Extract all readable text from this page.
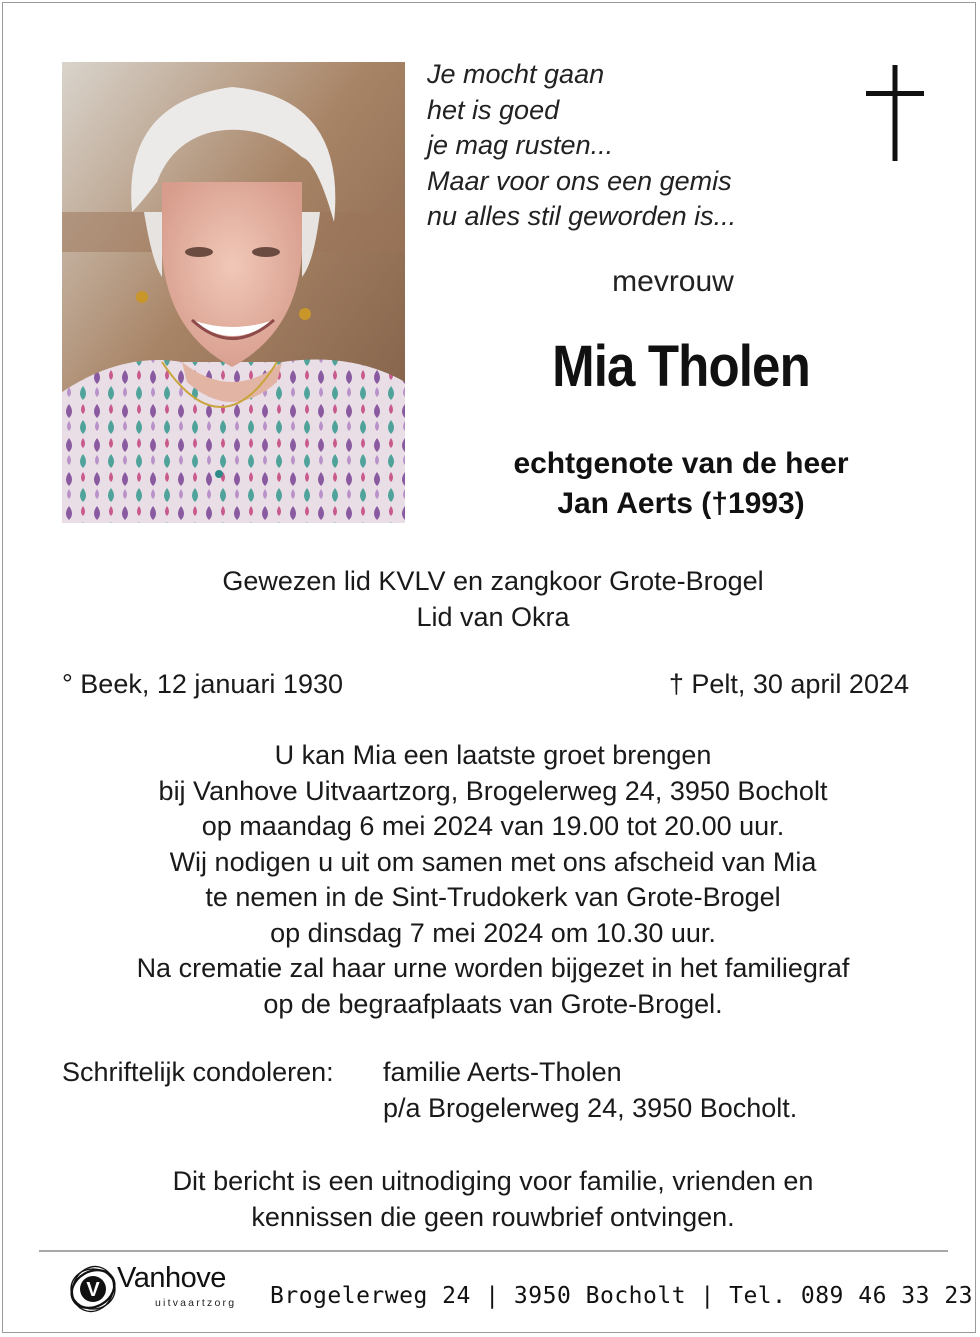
Je mocht gaan
het is goed
je mag rusten...
Maar voor ons een gemis
nu alles stil geworden is...
mevrouw
Mia Tholen
echtgenote van de heer
Jan Aerts (†1993)
Gewezen lid KVLV en zangkoor Grote-Brogel
Lid van Okra
° Beek, 12 januari 1930	† Pelt, 30 april 2024
U kan Mia een laatste groet brengen
bij Vanhove Uitvaartzorg, Brogelerweg 24, 3950 Bocholt
op maandag 6 mei 2024 van 19.00 tot 20.00 uur.
Wij nodigen u uit om samen met ons afscheid van Mia
te nemen in de Sint-Trudokerk van Grote-Brogel
op dinsdag 7 mei 2024 om 10.30 uur.
Na crematie zal haar urne worden bijgezet in het familiegraf
op de begraafplaats van Grote-Brogel.
Schriftelijk condoleren: familie Aerts-Tholen
p/a Brogelerweg 24, 3950 Bocholt.
Dit bericht is een uitnodiging voor familie, vrienden en
kennissen die geen rouwbrief ontvingen.
V Vanhove
uitvaartzorg Brogelerweg 24 | 3950 Bocholt | Tel. 089 46 33 23
